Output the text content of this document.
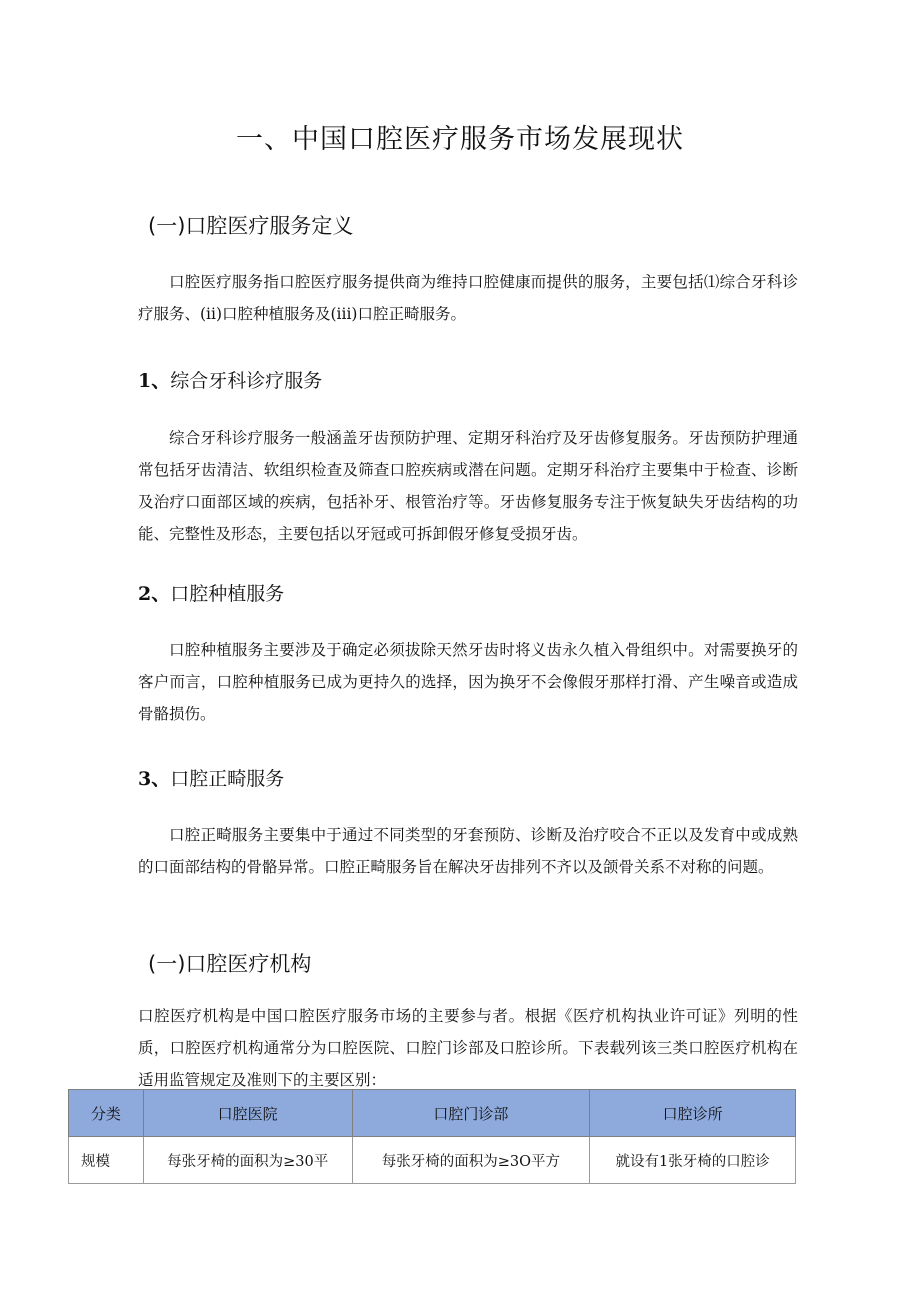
一、中国口腔医疗服务市场发展现状
(一)口腔医疗服务定义

口腔医疗服务指口腔医疗服务提供商为维持口腔健康而提供的服务，主要包括⑴综合牙科诊疗服务、(ii)口腔种植服务及(iii)口腔正畸服务。

1、综合牙科诊疗服务

综合牙科诊疗服务一般涵盖牙齿预防护理、定期牙科治疗及牙齿修复服务。牙齿预防护理通常包括牙齿清洁、软组织检查及筛查口腔疾病或潜在问题。定期牙科治疗主要集中于检查、诊断及治疗口面部区域的疾病，包括补牙、根管治疗等。牙齿修复服务专注于恢复缺失牙齿结构的功能、完整性及形态，主要包括以牙冠或可拆卸假牙修复受损牙齿。

2、口腔种植服务

口腔种植服务主要涉及于确定必须拔除天然牙齿时将义齿永久植入骨组织中。对需要换牙的客户而言，口腔种植服务已成为更持久的选择，因为换牙不会像假牙那样打滑、产生噪音或造成骨骼损伤。

3、口腔正畸服务

口腔正畸服务主要集中于通过不同类型的牙套预防、诊断及治疗咬合不正以及发育中或成熟的口面部结构的骨骼异常。口腔正畸服务旨在解决牙齿排列不齐以及颌骨关系不对称的问题。

(一)口腔医疗机构

口腔医疗机构是中国口腔医疗服务市场的主要参与者。根据《医疗机构执业许可证》列明的性质，口腔医疗机构通常分为口腔医院、口腔门诊部及口腔诊所。下表载列该三类口腔医疗机构在适用监管规定及准则下的主要区别：

分类	口腔医院	口腔门诊部	口腔诊所
规模	每张牙椅的面积为≥30平	每张牙椅的面积为≥3O平方	就设有1张牙椅的口腔诊
